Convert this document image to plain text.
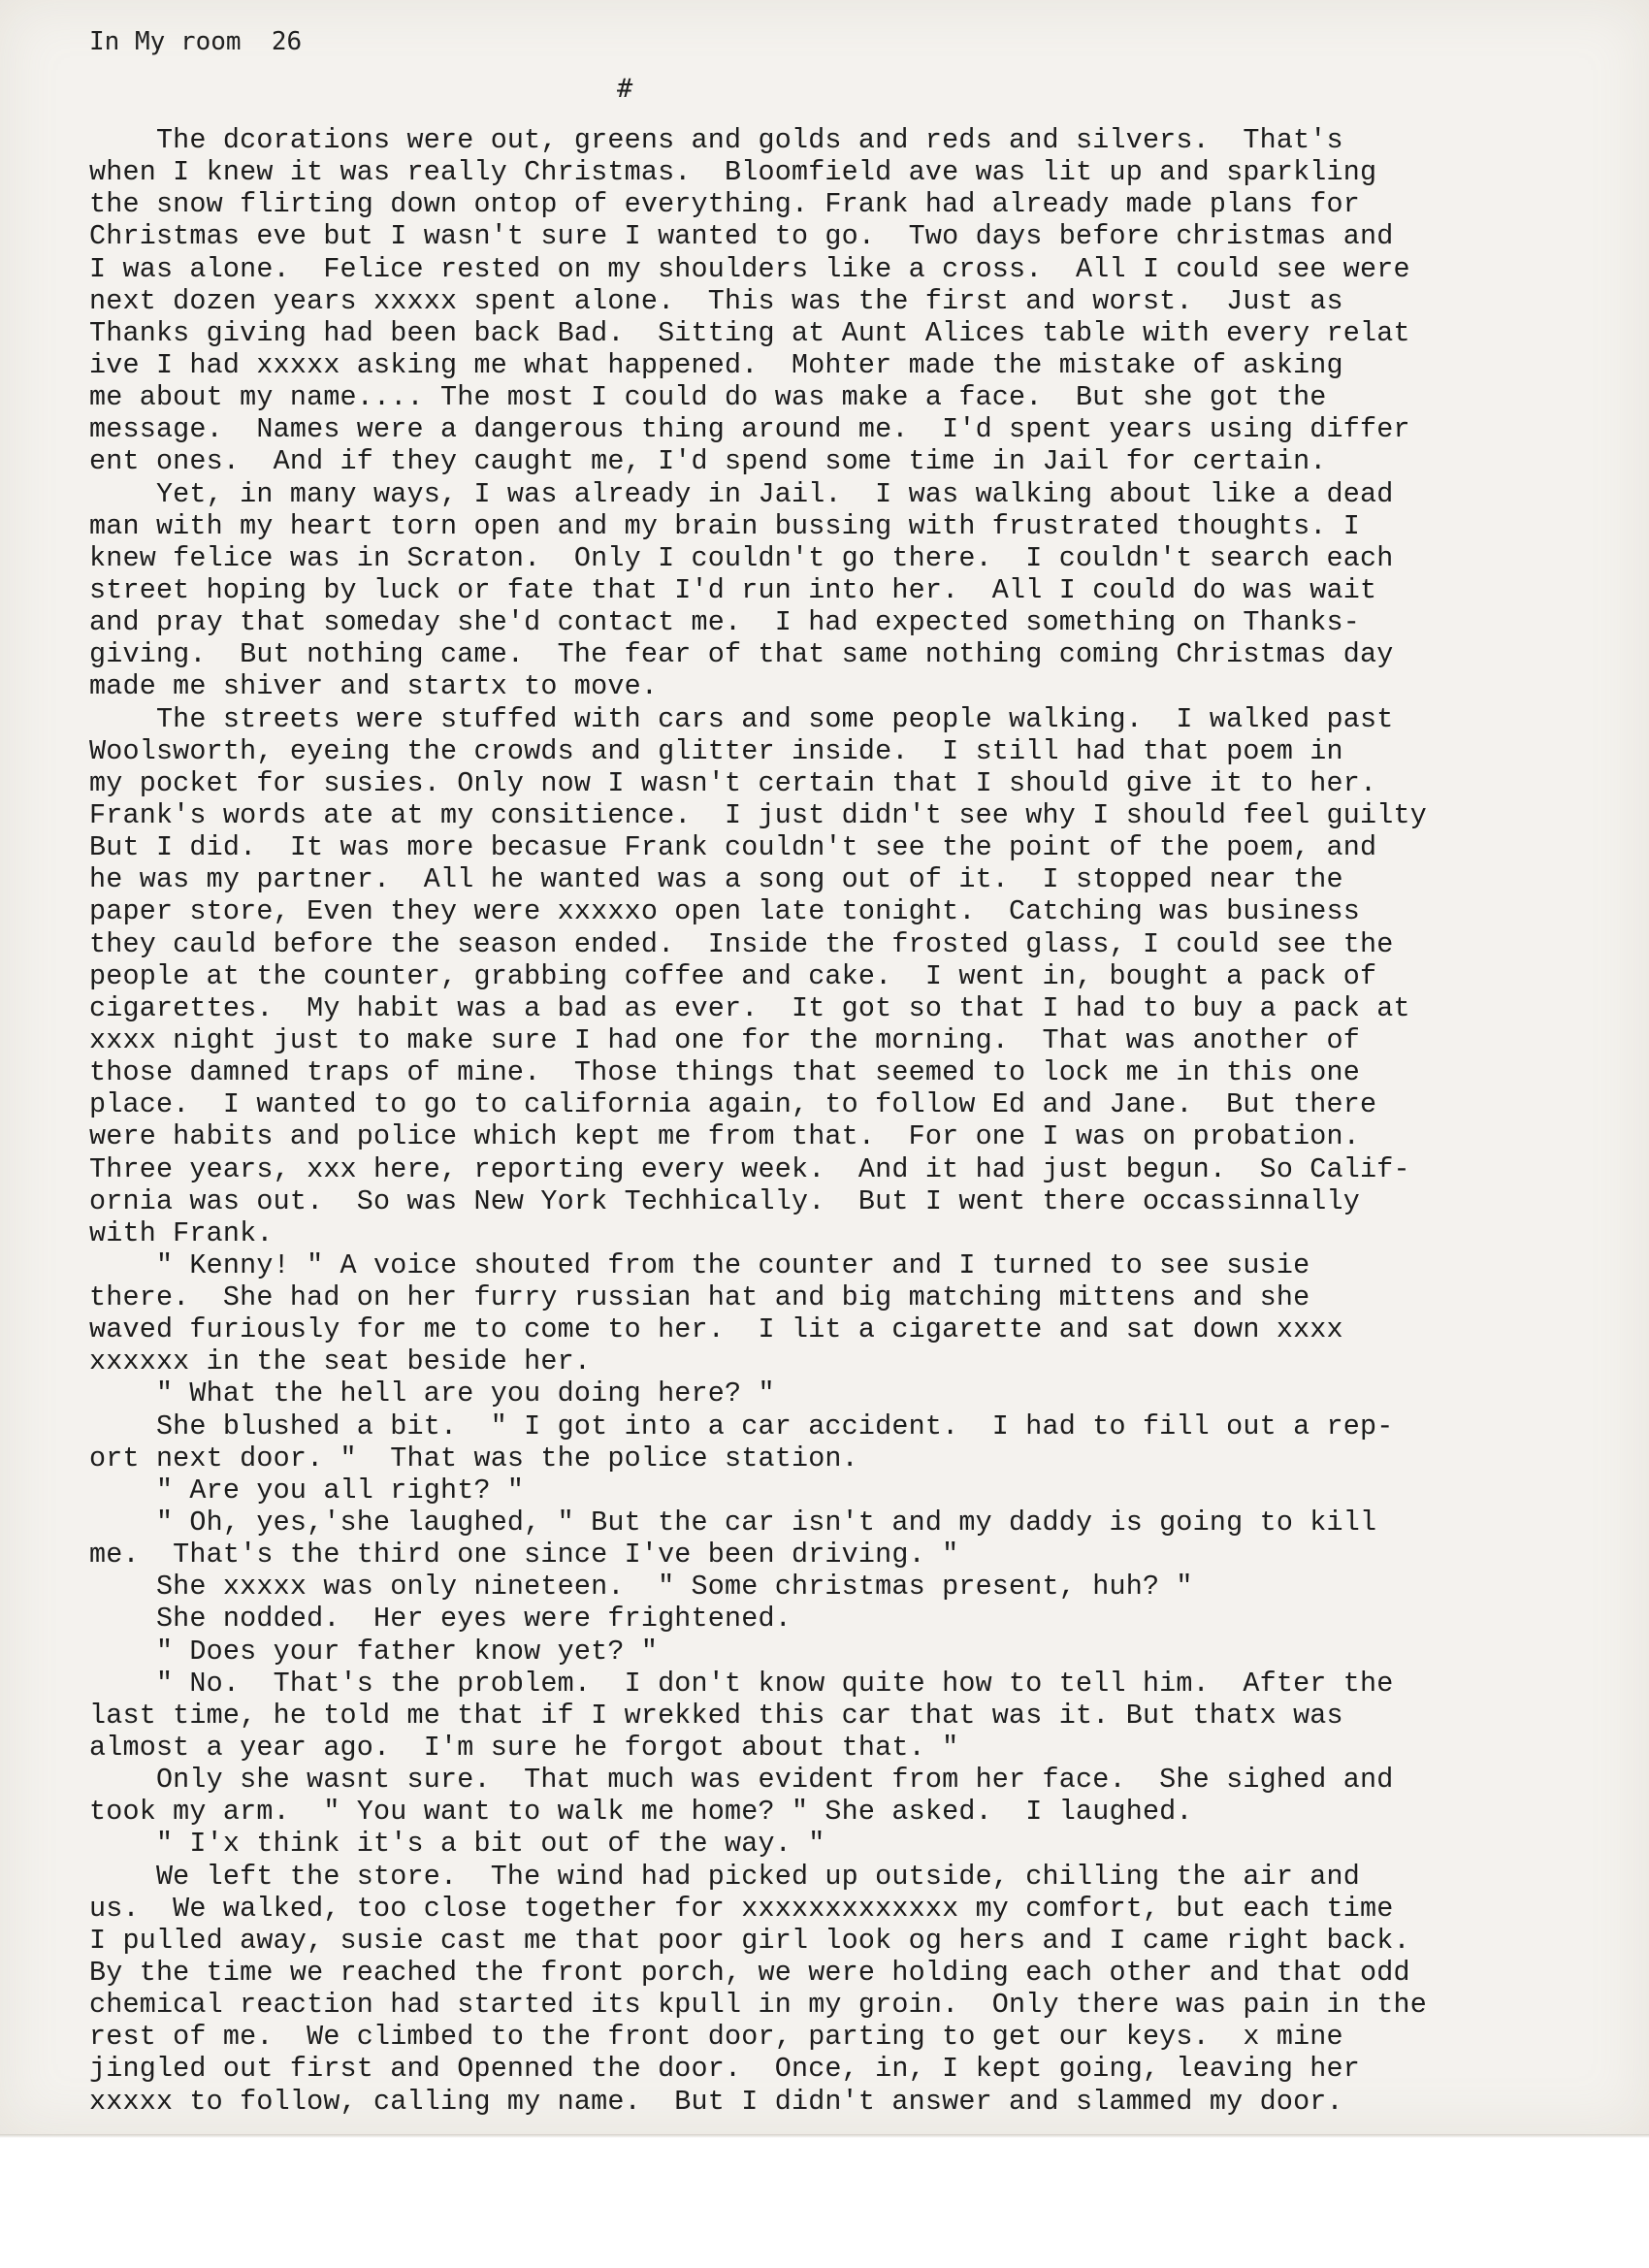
In My room  26
#
The dcorations were out, greens and golds and reds and silvers.  That's
when I knew it was really Christmas.  Bloomfield ave was lit up and sparkling
the snow flirting down ontop of everything. Frank had already made plans for
Christmas eve but I wasn't sure I wanted to go.  Two days before christmas and
I was alone.  Felice rested on my shoulders like a cross.  All I could see were
next dozen years xxxxx spent alone.  This was the first and worst.  Just as
Thanks giving had been back Bad.  Sitting at Aunt Alices table with every relat
ive I had xxxxx asking me what happened.  Mohter made the mistake of asking
me about my name.... The most I could do was make a face.  But she got the
message.  Names were a dangerous thing around me.  I'd spent years using differ
ent ones.  And if they caught me, I'd spend some time in Jail for certain.
Yet, in many ways, I was already in Jail.  I was walking about like a dead
man with my heart torn open and my brain bussing with frustrated thoughts. I
knew felice was in Scraton.  Only I couldn't go there.  I couldn't search each
street hoping by luck or fate that I'd run into her.  All I could do was wait
and pray that someday she'd contact me.  I had expected something on Thanks-
giving.  But nothing came.  The fear of that same nothing coming Christmas day
made me shiver and startx to move.
The streets were stuffed with cars and some people walking.  I walked past
Woolsworth, eyeing the crowds and glitter inside.  I still had that poem in
my pocket for susies. Only now I wasn't certain that I should give it to her.
Frank's words ate at my consitience.  I just didn't see why I should feel guilty
But I did.  It was more becasue Frank couldn't see the point of the poem, and
he was my partner.  All he wanted was a song out of it.  I stopped near the
paper store, Even they were xxxxxo open late tonight.  Catching was business
they cauld before the season ended.  Inside the frosted glass, I could see the
people at the counter, grabbing coffee and cake.  I went in, bought a pack of
cigarettes.  My habit was a bad as ever.  It got so that I had to buy a pack at
xxxx night just to make sure I had one for the morning.  That was another of
those damned traps of mine.  Those things that seemed to lock me in this one
place.  I wanted to go to california again, to follow Ed and Jane.  But there
were habits and police which kept me from that.  For one I was on probation.
Three years, xxx here, reporting every week.  And it had just begun.  So Calif-
ornia was out.  So was New York Techhically.  But I went there occassinnally
with Frank.
" Kenny! " A voice shouted from the counter and I turned to see susie
there.  She had on her furry russian hat and big matching mittens and she
waved furiously for me to come to her.  I lit a cigarette and sat down xxxx
xxxxxx in the seat beside her.
" What the hell are you doing here? "
She blushed a bit.  " I got into a car accident.  I had to fill out a rep-
ort next door. "  That was the police station.
" Are you all right? "
" Oh, yes,'she laughed, " But the car isn't and my daddy is going to kill
me.  That's the third one since I've been driving. "
She xxxxx was only nineteen.  " Some christmas present, huh? "
She nodded.  Her eyes were frightened.
" Does your father know yet? "
" No.  That's the problem.  I don't know quite how to tell him.  After the
last time, he told me that if I wrekked this car that was it. But thatx was
almost a year ago.  I'm sure he forgot about that. "
Only she wasnt sure.  That much was evident from her face.  She sighed and
took my arm.  " You want to walk me home? " She asked.  I laughed.
" I'x think it's a bit out of the way. "
We left the store.  The wind had picked up outside, chilling the air and
us.  We walked, too close together for xxxxxxxxxxxxx my comfort, but each time
I pulled away, susie cast me that poor girl look og hers and I came right back.
By the time we reached the front porch, we were holding each other and that odd
chemical reaction had started its kpull in my groin.  Only there was pain in the
rest of me.  We climbed to the front door, parting to get our keys.  x mine
jingled out first and Openned the door.  Once, in, I kept going, leaving her
xxxxx to follow, calling my name.  But I didn't answer and slammed my door.
